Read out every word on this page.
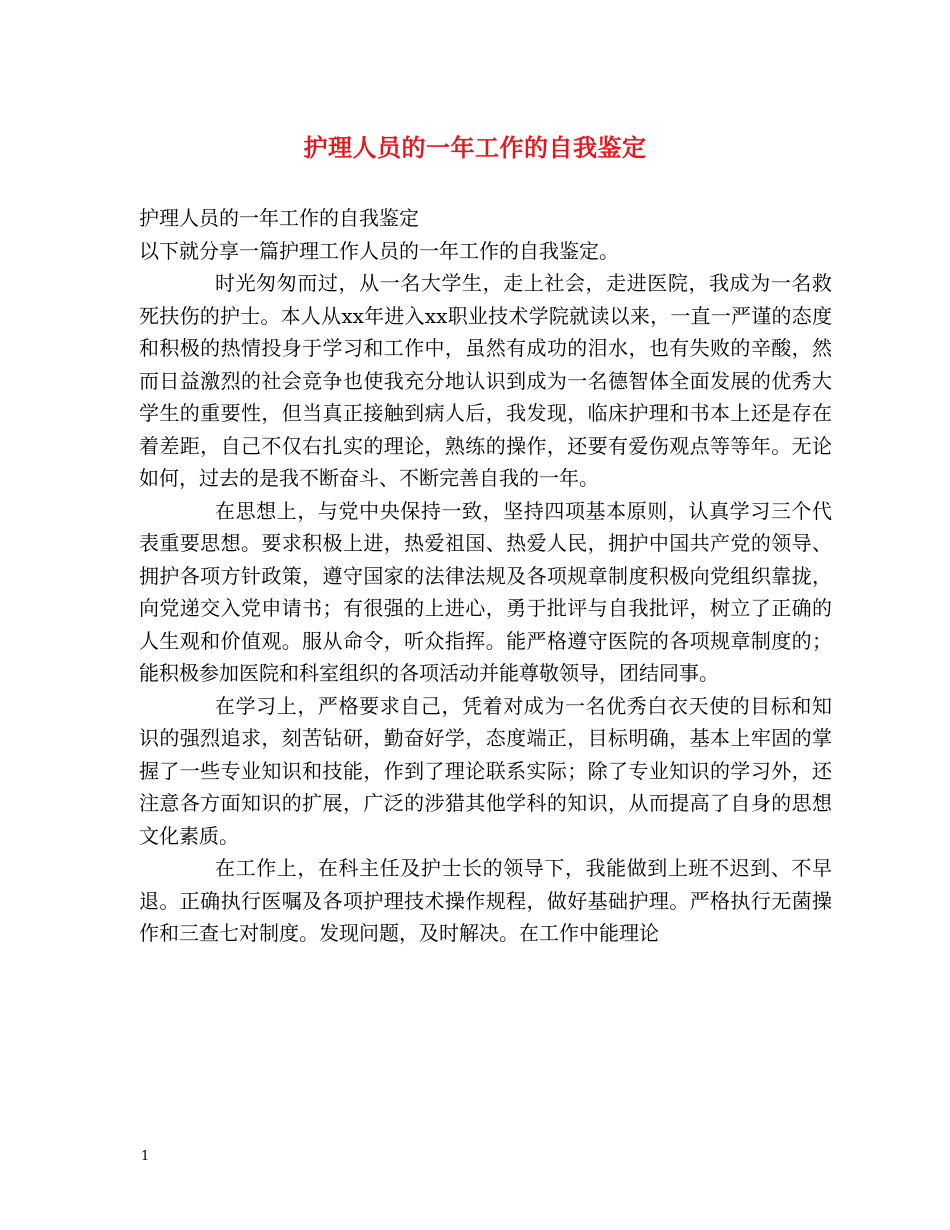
护理人员的一年工作的自我鉴定

护理人员的一年工作的自我鉴定

以下就分享一篇护理工作人员的一年工作的自我鉴定。

时光匆匆而过，从一名大学生，走上社会，走进医院，我成为一名救死扶伤的护士。本人从xx年进入xx职业技术学院就读以来，一直一严谨的态度和积极的热情投身于学习和工作中，虽然有成功的泪水，也有失败的辛酸，然而日益激烈的社会竞争也使我充分地认识到成为一名德智体全面发展的优秀大学生的重要性，但当真正接触到病人后，我发现，临床护理和书本上还是存在着差距，自己不仅右扎实的理论，熟练的操作，还要有爱伤观点等等年。无论如何，过去的是我不断奋斗、不断完善自我的一年。

在思想上，与党中央保持一致，坚持四项基本原则，认真学习三个代表重要思想。要求积极上进，热爱祖国、热爱人民，拥护中国共产党的领导、拥护各项方针政策，遵守国家的法律法规及各项规章制度积极向党组织靠拢，向党递交入党申请书；有很强的上进心，勇于批评与自我批评，树立了正确的人生观和价值观。服从命令，听众指挥。能严格遵守医院的各项规章制度的；能积极参加医院和科室组织的各项活动并能尊敬领导，团结同事。

在学习上，严格要求自己，凭着对成为一名优秀白衣天使的目标和知识的强烈追求，刻苦钻研，勤奋好学，态度端正，目标明确，基本上牢固的掌握了一些专业知识和技能，作到了理论联系实际；除了专业知识的学习外，还注意各方面知识的扩展，广泛的涉猎其他学科的知识，从而提高了自身的思想文化素质。

在工作上，在科主任及护士长的领导下，我能做到上班不迟到、不早退。正确执行医嘱及各项护理技术操作规程，做好基础护理。严格执行无菌操作和三查七对制度。发现问题，及时解决。在工作中能理论

1
